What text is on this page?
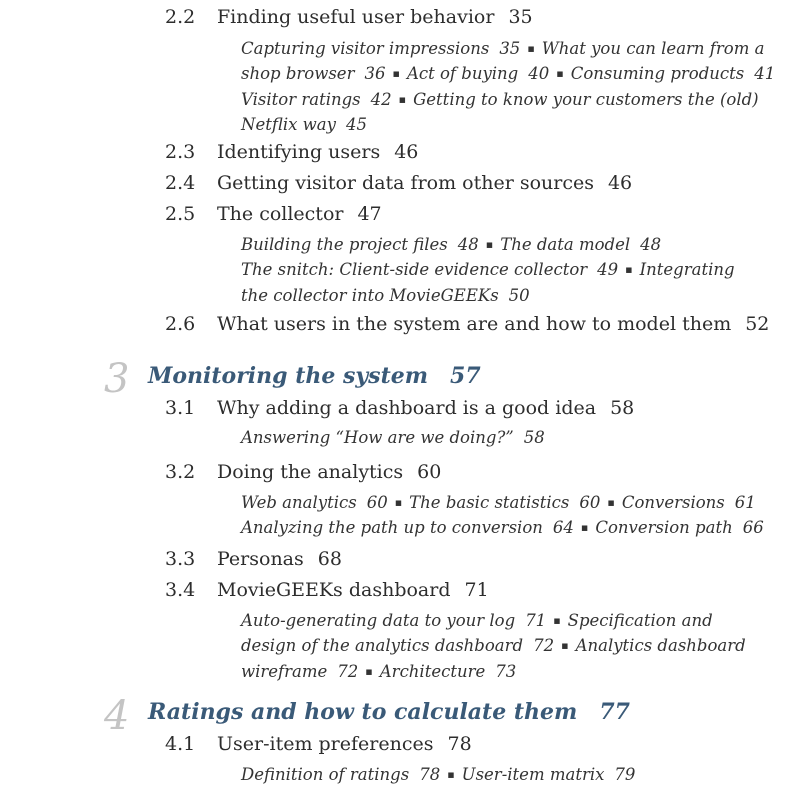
2.2 Finding useful user behavior 35
Capturing visitor impressions 35 ▪ What you can learn from a
shop browser 36 ▪ Act of buying 40 ▪ Consuming products 41
Visitor ratings 42 ▪ Getting to know your customers the (old)
Netflix way 45
2.3 Identifying users 46
2.4 Getting visitor data from other sources 46
2.5 The collector 47
Building the project files 48 ▪ The data model 48
The snitch: Client-side evidence collector 49 ▪ Integrating
the collector into MovieGEEKs 50
2.6 What users in the system are and how to model them 52
3 Monitoring the system 57
3.1 Why adding a dashboard is a good idea 58
Answering “How are we doing?” 58
3.2 Doing the analytics 60
Web analytics 60 ▪ The basic statistics 60 ▪ Conversions 61
Analyzing the path up to conversion 64 ▪ Conversion path 66
3.3 Personas 68
3.4 MovieGEEKs dashboard 71
Auto-generating data to your log 71 ▪ Specification and
design of the analytics dashboard 72 ▪ Analytics dashboard
wireframe 72 ▪ Architecture 73
4 Ratings and how to calculate them 77
4.1 User-item preferences 78
Definition of ratings 78 ▪ User-item matrix 79
